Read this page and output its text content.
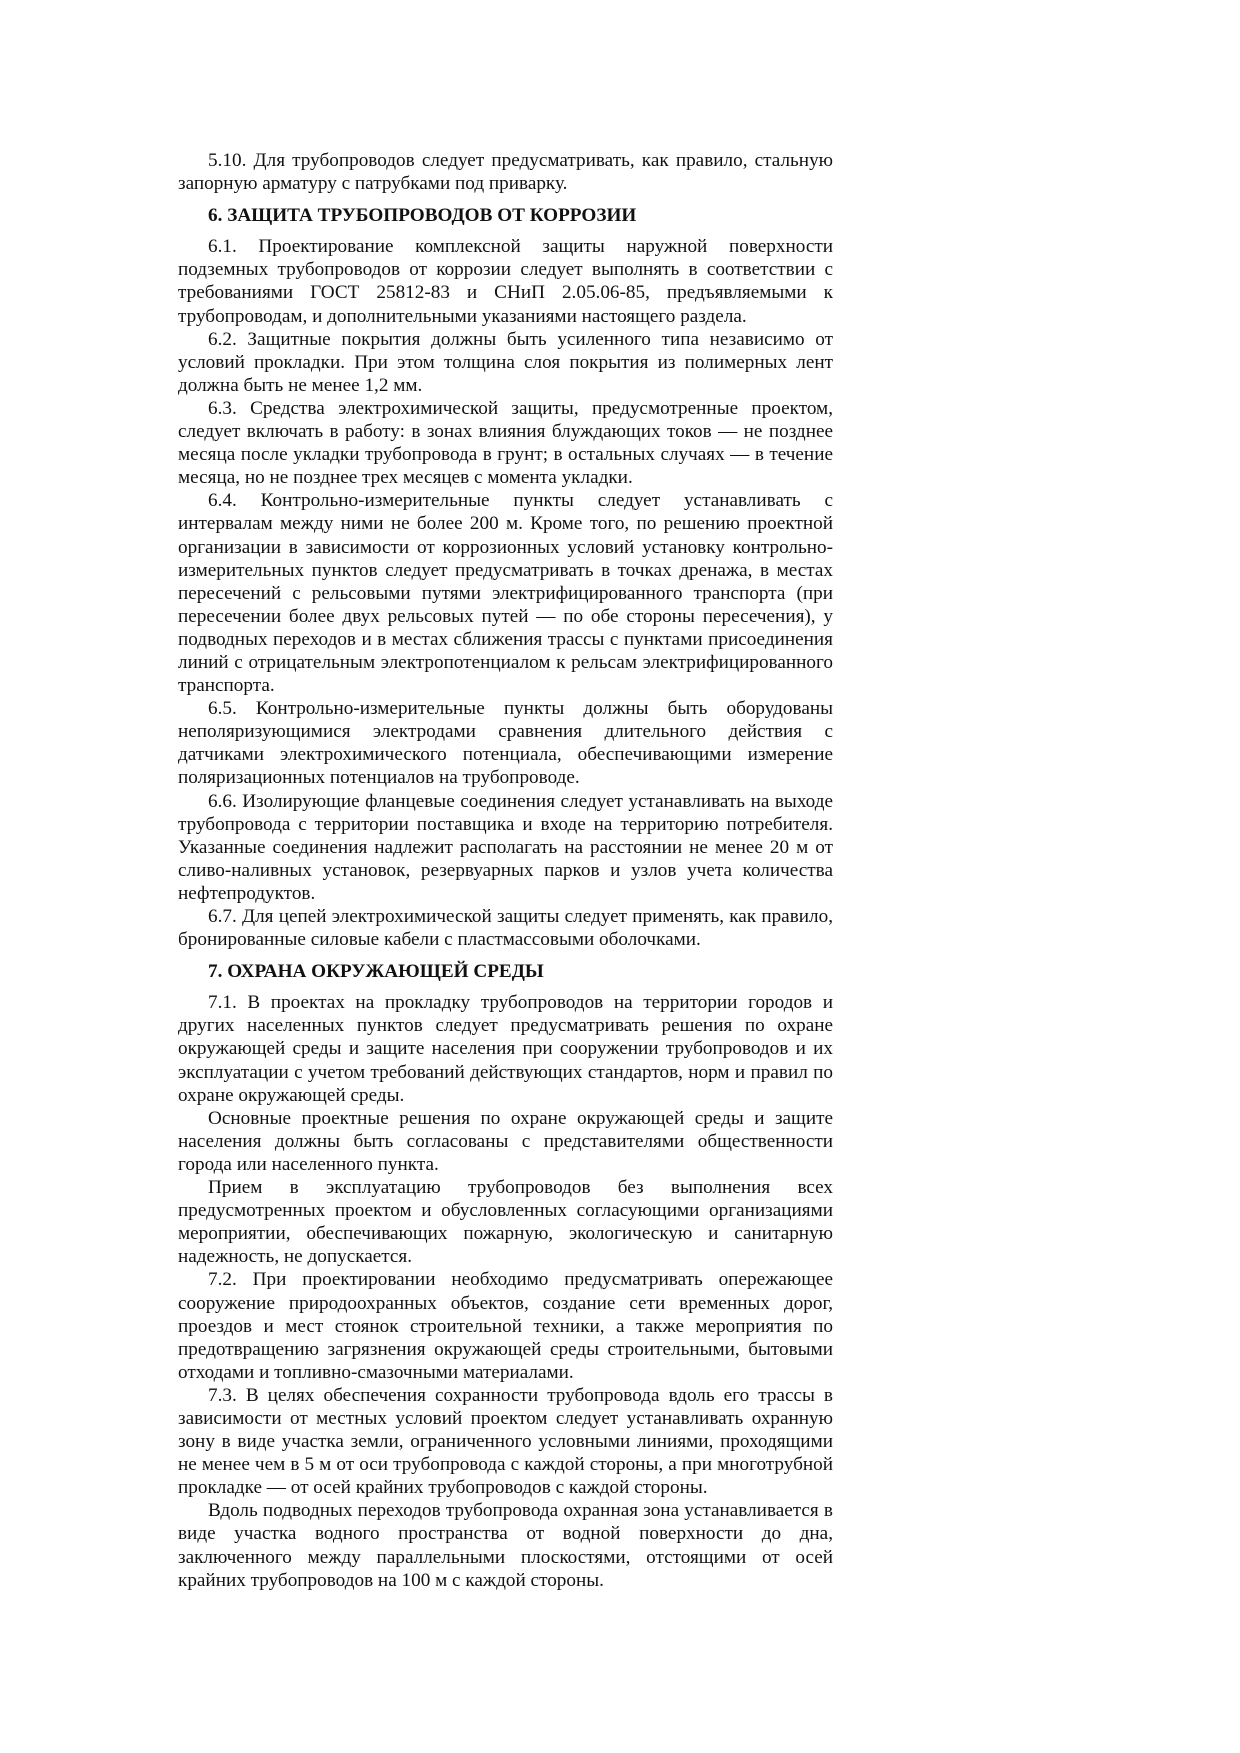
5.10. Для трубопроводов следует предусматривать, как правило, стальную запорную арматуру с патрубками под приварку.

6. ЗАЩИТА ТРУБОПРОВОДОВ ОТ КОРРОЗИИ

6.1. Проектирование комплексной защиты наружной поверхности подземных трубопроводов от коррозии следует выполнять в соответствии с требованиями ГОСТ 25812-83 и СНиП 2.05.06-85, предъявляемыми к трубопроводам, и дополнительными указаниями настоящего раздела.

6.2. Защитные покрытия должны быть усиленного типа независимо от условий прокладки. При этом толщина слоя покрытия из полимерных лент должна быть не менее 1,2 мм.

6.3. Средства электрохимической защиты, предусмотренные проектом, следует включать в работу: в зонах влияния блуждающих токов — не позднее месяца после укладки трубопровода в грунт; в остальных случаях — в течение месяца, но не позднее трех месяцев с момента укладки.

6.4. Контрольно-измерительные пункты следует устанавливать с интервалам между ними не более 200 м. Кроме того, по решению проектной организации в зависимости от коррозионных условий установку контрольно-измерительных пунктов следует предусматривать в точках дренажа, в местах пересечений с рельсовыми путями электрифицированного транспорта (при пересечении более двух рельсовых путей — по обе стороны пересечения), у подводных переходов и в местах сближения трассы с пунктами присоединения линий с отрицательным электропотенциалом к рельсам электрифицированного транспорта.

6.5. Контрольно-измерительные пункты должны быть оборудованы неполяризующимися электродами сравнения длительного действия с датчиками электрохимического потенциала, обеспечивающими измерение поляризационных потенциалов на трубопроводе.

6.6. Изолирующие фланцевые соединения следует устанавливать на выходе трубопровода с территории поставщика и входе на территорию потребителя. Указанные соединения надлежит располагать на расстоянии не менее 20 м от сливо-наливных установок, резервуарных парков и узлов учета количества нефтепродуктов.

6.7. Для цепей электрохимической защиты следует применять, как правило, бронированные силовые кабели с пластмассовыми оболочками.

7. ОХРАНА ОКРУЖАЮЩЕЙ СРЕДЫ

7.1. В проектах на прокладку трубопроводов на территории городов и других населенных пунктов следует предусматривать решения по охране окружающей среды и защите населения при сооружении трубопроводов и их эксплуатации с учетом требований действующих стандартов, норм и правил по охране окружающей среды.

Основные проектные решения по охране окружающей среды и защите населения должны быть согласованы с представителями общественности города или населенного пункта.

Прием в эксплуатацию трубопроводов без выполнения всех предусмотренных проектом и обусловленных согласующими организациями мероприятии, обеспечивающих пожарную, экологическую и санитарную надежность, не допускается.

7.2. При проектировании необходимо предусматривать опережающее сооружение природоохранных объектов, создание сети временных дорог, проездов и мест стоянок строительной техники, а также мероприятия по предотвращению загрязнения окружающей среды строительными, бытовыми отходами и топливно-смазочными материалами.

7.3. В целях обеспечения сохранности трубопровода вдоль его трассы в зависимости от местных условий проектом следует устанавливать охранную зону в виде участка земли, ограниченного условными линиями, проходящими не менее чем в 5 м от оси трубопровода с каждой стороны, а при многотрубной прокладке — от осей крайних трубопроводов с каждой стороны.

Вдоль подводных переходов трубопровода охранная зона устанавливается в виде участка водного пространства от водной поверхности до дна, заключенного между параллельными плоскостями, отстоящими от осей крайних трубопроводов на 100 м с каждой стороны.
